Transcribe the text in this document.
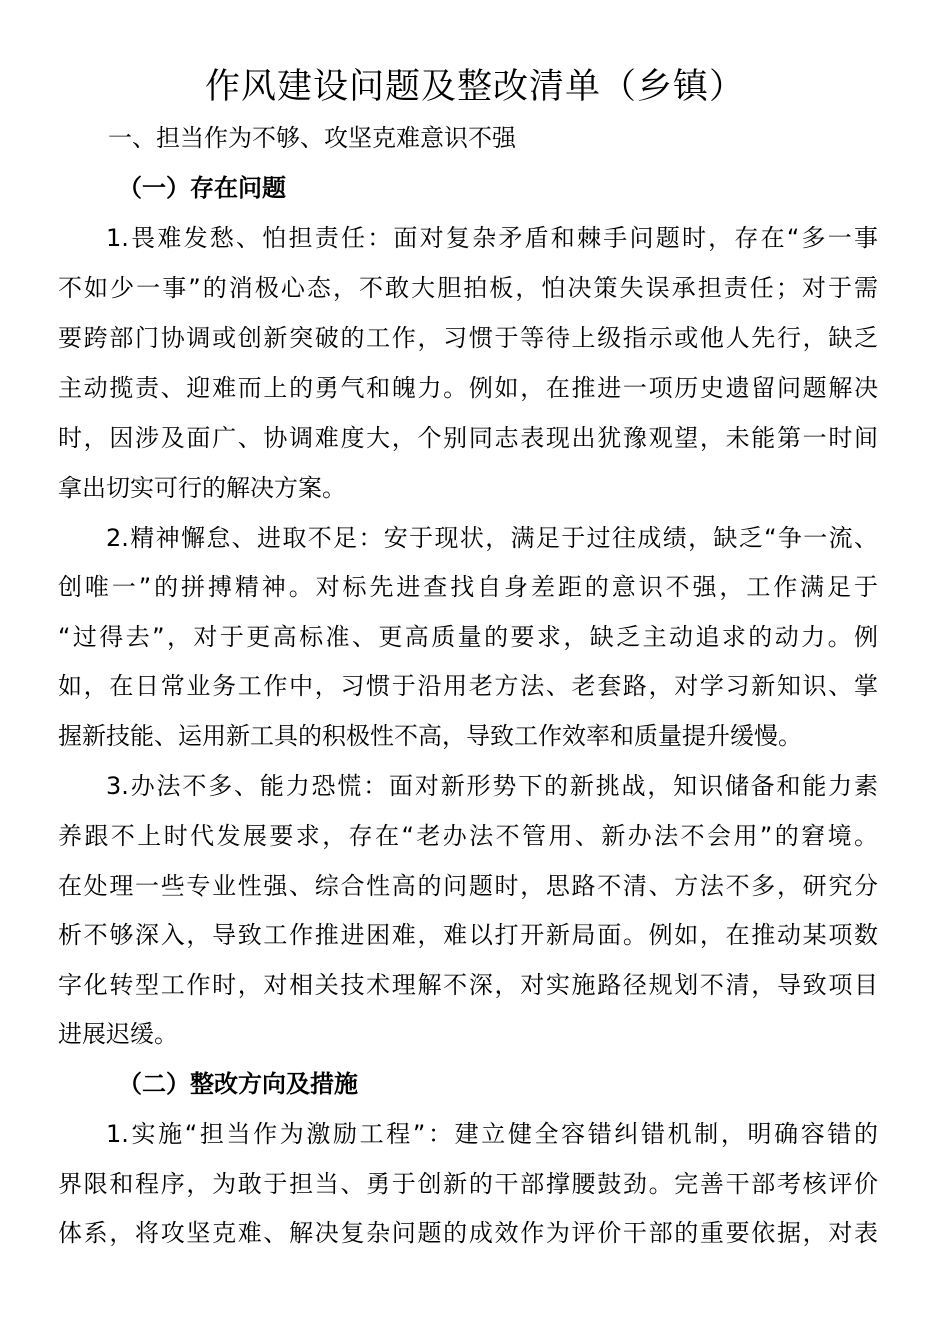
作风建设问题及整改清单（乡镇）
一、担当作为不够、攻坚克难意识不强
（一）存在问题
1.畏难发愁、怕担责任：面对复杂矛盾和棘手问题时，存在“多一事
不如少一事”的消极心态，不敢大胆拍板，怕决策失误承担责任；对于需
要跨部门协调或创新突破的工作，习惯于等待上级指示或他人先行，缺乏
主动揽责、迎难而上的勇气和魄力。例如，在推进一项历史遗留问题解决
时，因涉及面广、协调难度大，个别同志表现出犹豫观望，未能第一时间
拿出切实可行的解决方案。
2.精神懈怠、进取不足：安于现状，满足于过往成绩，缺乏“争一流、
创唯一”的拼搏精神。对标先进查找自身差距的意识不强，工作满足于
“过得去”，对于更高标准、更高质量的要求，缺乏主动追求的动力。例
如，在日常业务工作中，习惯于沿用老方法、老套路，对学习新知识、掌
握新技能、运用新工具的积极性不高，导致工作效率和质量提升缓慢。
3.办法不多、能力恐慌：面对新形势下的新挑战，知识储备和能力素
养跟不上时代发展要求，存在“老办法不管用、新办法不会用”的窘境。
在处理一些专业性强、综合性高的问题时，思路不清、方法不多，研究分
析不够深入，导致工作推进困难，难以打开新局面。例如，在推动某项数
字化转型工作时，对相关技术理解不深，对实施路径规划不清，导致项目
进展迟缓。
（二）整改方向及措施
1.实施“担当作为激励工程”：建立健全容错纠错机制，明确容错的
界限和程序，为敢于担当、勇于创新的干部撑腰鼓劲。完善干部考核评价
体系，将攻坚克难、解决复杂问题的成效作为评价干部的重要依据，对表
